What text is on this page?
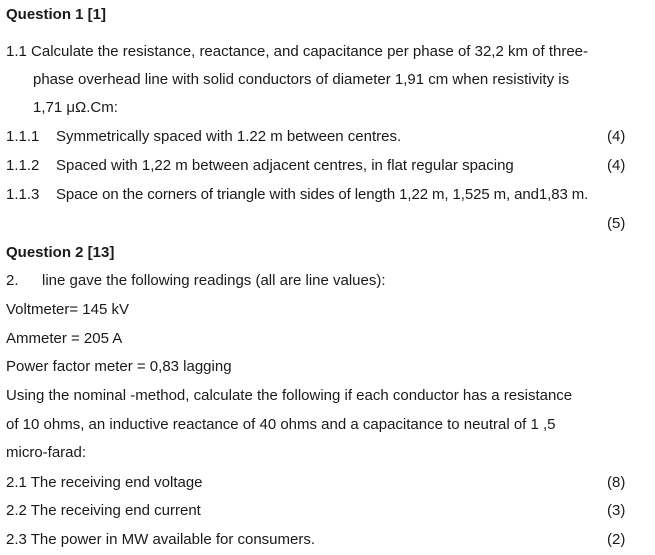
Question 1 [1]
1.1 Calculate the resistance, reactance, and capacitance per phase of 32,2 km of three-
phase overhead line with solid conductors of diameter 1,91 cm when resistivity is
1,71 μΩ.Cm:
1.1.1 Symmetrically spaced with 1.22 m between centres.	(4)
1.1.2 Spaced with 1,22 m between adjacent centres, in flat regular spacing	(4)
1.1.3 Space on the corners of triangle with sides of length 1,22 m, 1,525 m, and1,83 m.
(5)
Question 2 [13]
2. line gave the following readings (all are line values):
Voltmeter= 145 kV
Ammeter = 205 A
Power factor meter = 0,83 lagging
Using the nominal -method, calculate the following if each conductor has a resistance
of 10 ohms, an inductive reactance of 40 ohms and a capacitance to neutral of 1 ,5
micro-farad:
2.1 The receiving end voltage	(8)
2.2 The receiving end current	(3)
2.3 The power in MW available for consumers.	(2)
